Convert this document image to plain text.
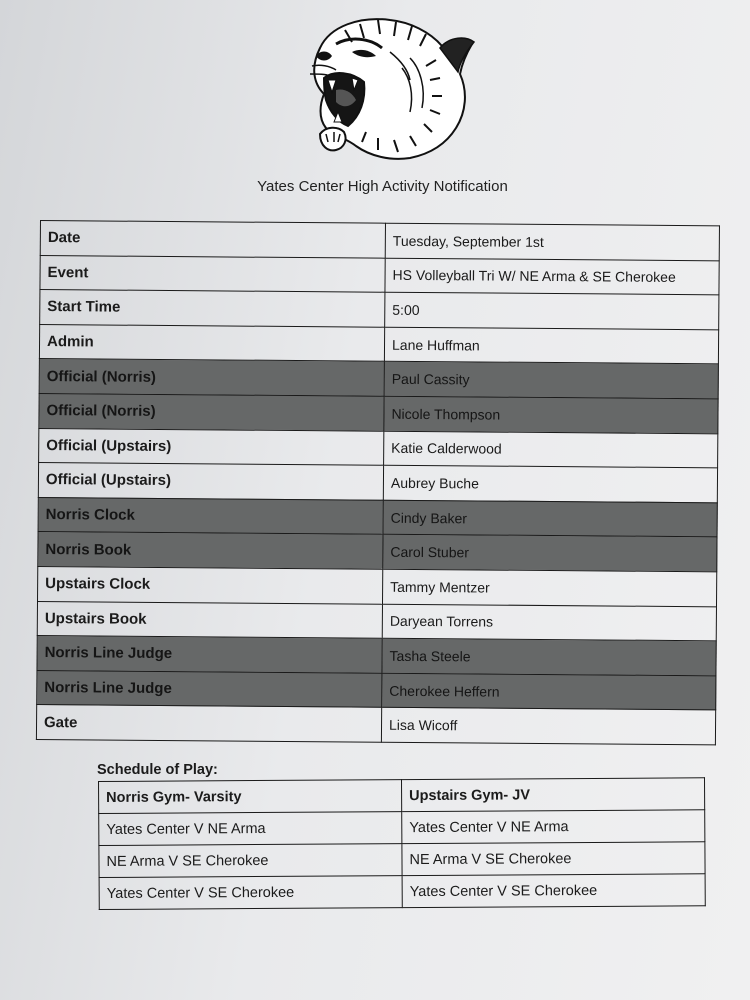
Yates Center High Activity Notification
Date	Tuesday, September 1st
Event	HS Volleyball Tri W/ NE Arma & SE Cherokee
Start Time	5:00
Admin	Lane Huffman
Official (Norris)	Paul Cassity
Official (Norris)	Nicole Thompson
Official (Upstairs)	Katie Calderwood
Official (Upstairs)	Aubrey Buche
Norris Clock	Cindy Baker
Norris Book	Carol Stuber
Upstairs Clock	Tammy Mentzer
Upstairs Book	Daryean Torrens
Norris Line Judge	Tasha Steele
Norris Line Judge	Cherokee Heffern
Gate	Lisa Wicoff
Schedule of Play:
Norris Gym- Varsity	Upstairs Gym- JV
Yates Center V NE Arma	Yates Center V NE Arma
NE Arma V SE Cherokee	NE Arma V SE Cherokee
Yates Center V SE Cherokee	Yates Center V SE Cherokee
